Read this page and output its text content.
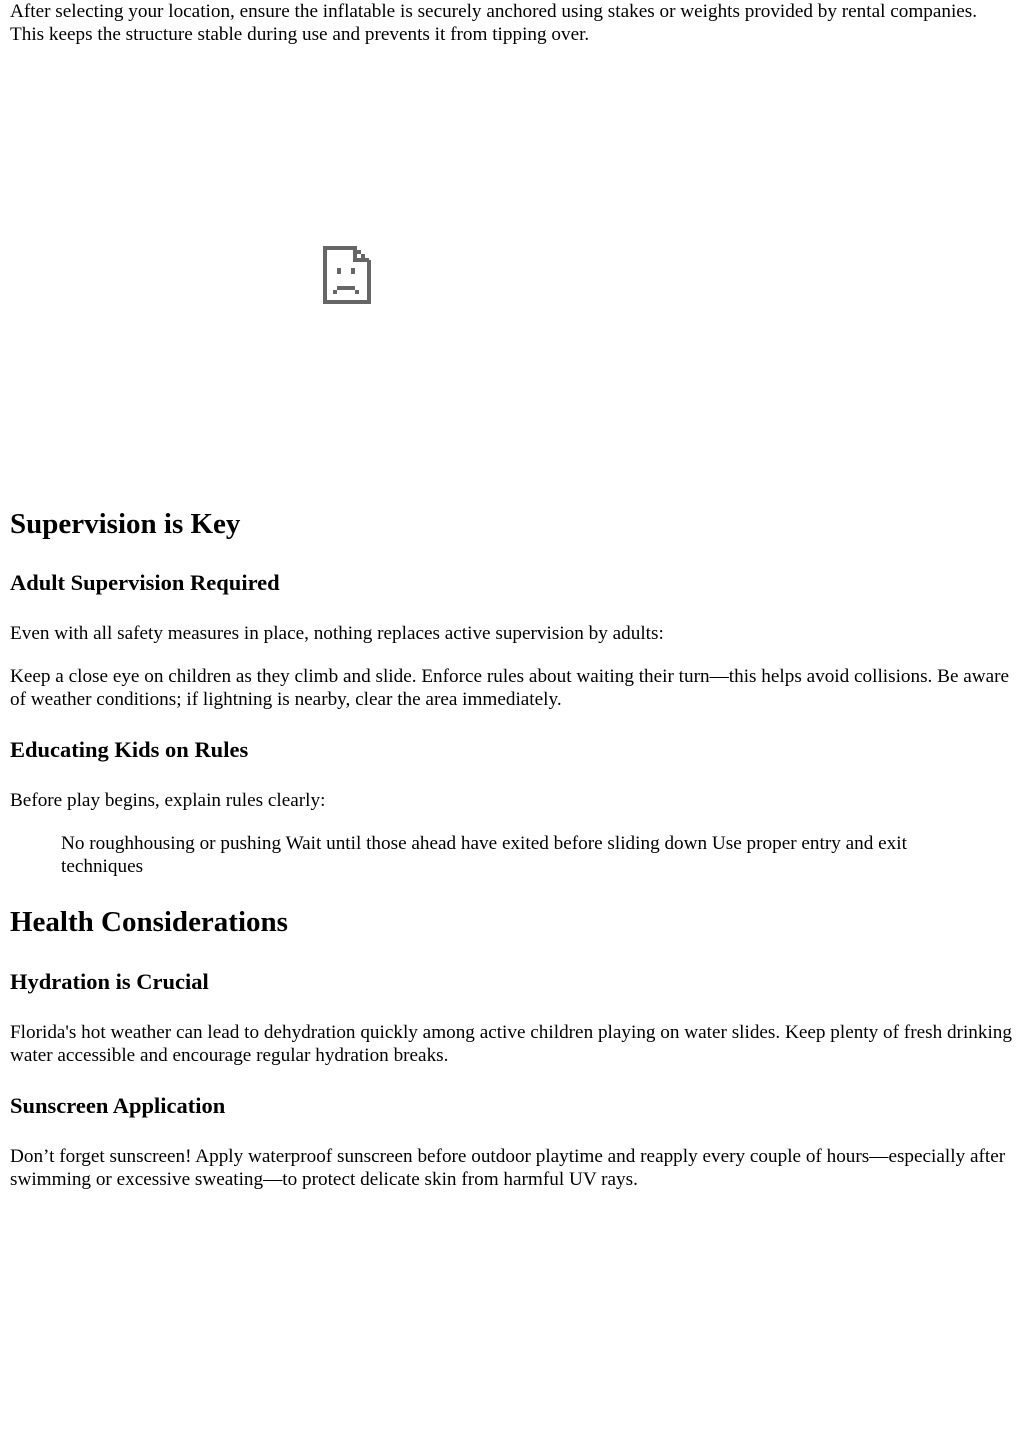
After selecting your location, ensure the inflatable is securely anchored using stakes or weights provided by rental companies. This keeps the structure stable during use and prevents it from tipping over.

Supervision is Key
Adult Supervision Required

Even with all safety measures in place, nothing replaces active supervision by adults:

Keep a close eye on children as they climb and slide. Enforce rules about waiting their turn—this helps avoid collisions. Be aware of weather conditions; if lightning is nearby, clear the area immediately.

Educating Kids on Rules

Before play begins, explain rules clearly:

No roughhousing or pushing Wait until those ahead have exited before sliding down Use proper entry and exit techniques
Health Considerations
Hydration is Crucial

Florida's hot weather can lead to dehydration quickly among active children playing on water slides. Keep plenty of fresh drinking water accessible and encourage regular hydration breaks.

Sunscreen Application

Don’t forget sunscreen! Apply waterproof sunscreen before outdoor playtime and reapply every couple of hours—especially after swimming or excessive sweating—to protect delicate skin from harmful UV rays.
